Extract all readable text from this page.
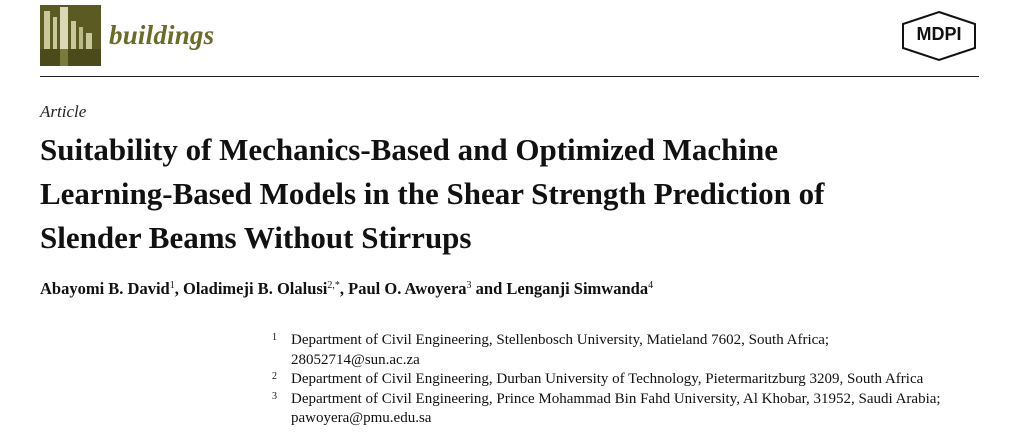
buildings	MDPI
Article
Suitability of Mechanics-Based and Optimized Machine
Learning-Based Models in the Shear Strength Prediction of
Slender Beams Without Stirrups
Abayomi B. David$^1$, Oladimeji B. Olalusi$^{2,*}$, Paul O. Awoyera$^3$ and Lenganji Simwanda$^4$
1 Department of Civil Engineering, Stellenbosch University, Matieland 7602, South Africa;
28052714@sun.ac.za
2 Department of Civil Engineering, Durban University of Technology, Pietermaritzburg 3209, South Africa
3 Department of Civil Engineering, Prince Mohammad Bin Fahd University, Al Khobar, 31952, Saudi Arabia;
pawoyera@pmu.edu.sa
